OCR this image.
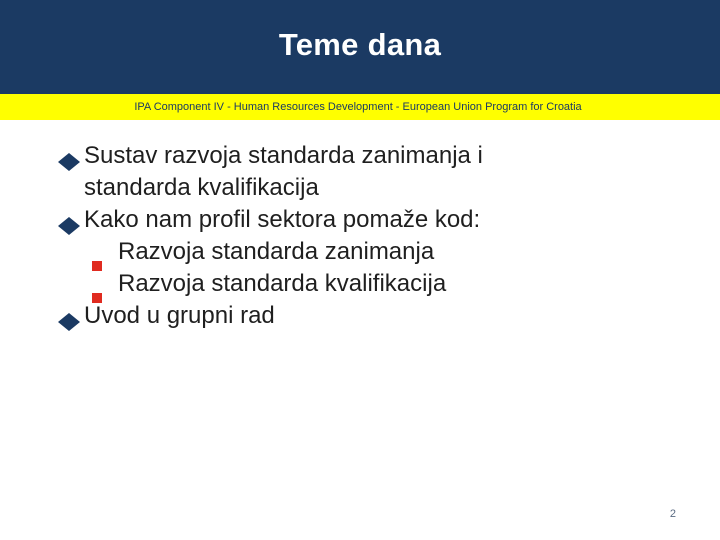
Teme dana
IPA Component IV - Human Resources Development - European Union Program for Croatia
Sustav razvoja standarda zanimanja i
standarda kvalifikacija
Kako nam profil sektora pomaže kod:
Razvoja standarda zanimanja
Razvoja standarda kvalifikacija
Uvod u grupni rad
2
